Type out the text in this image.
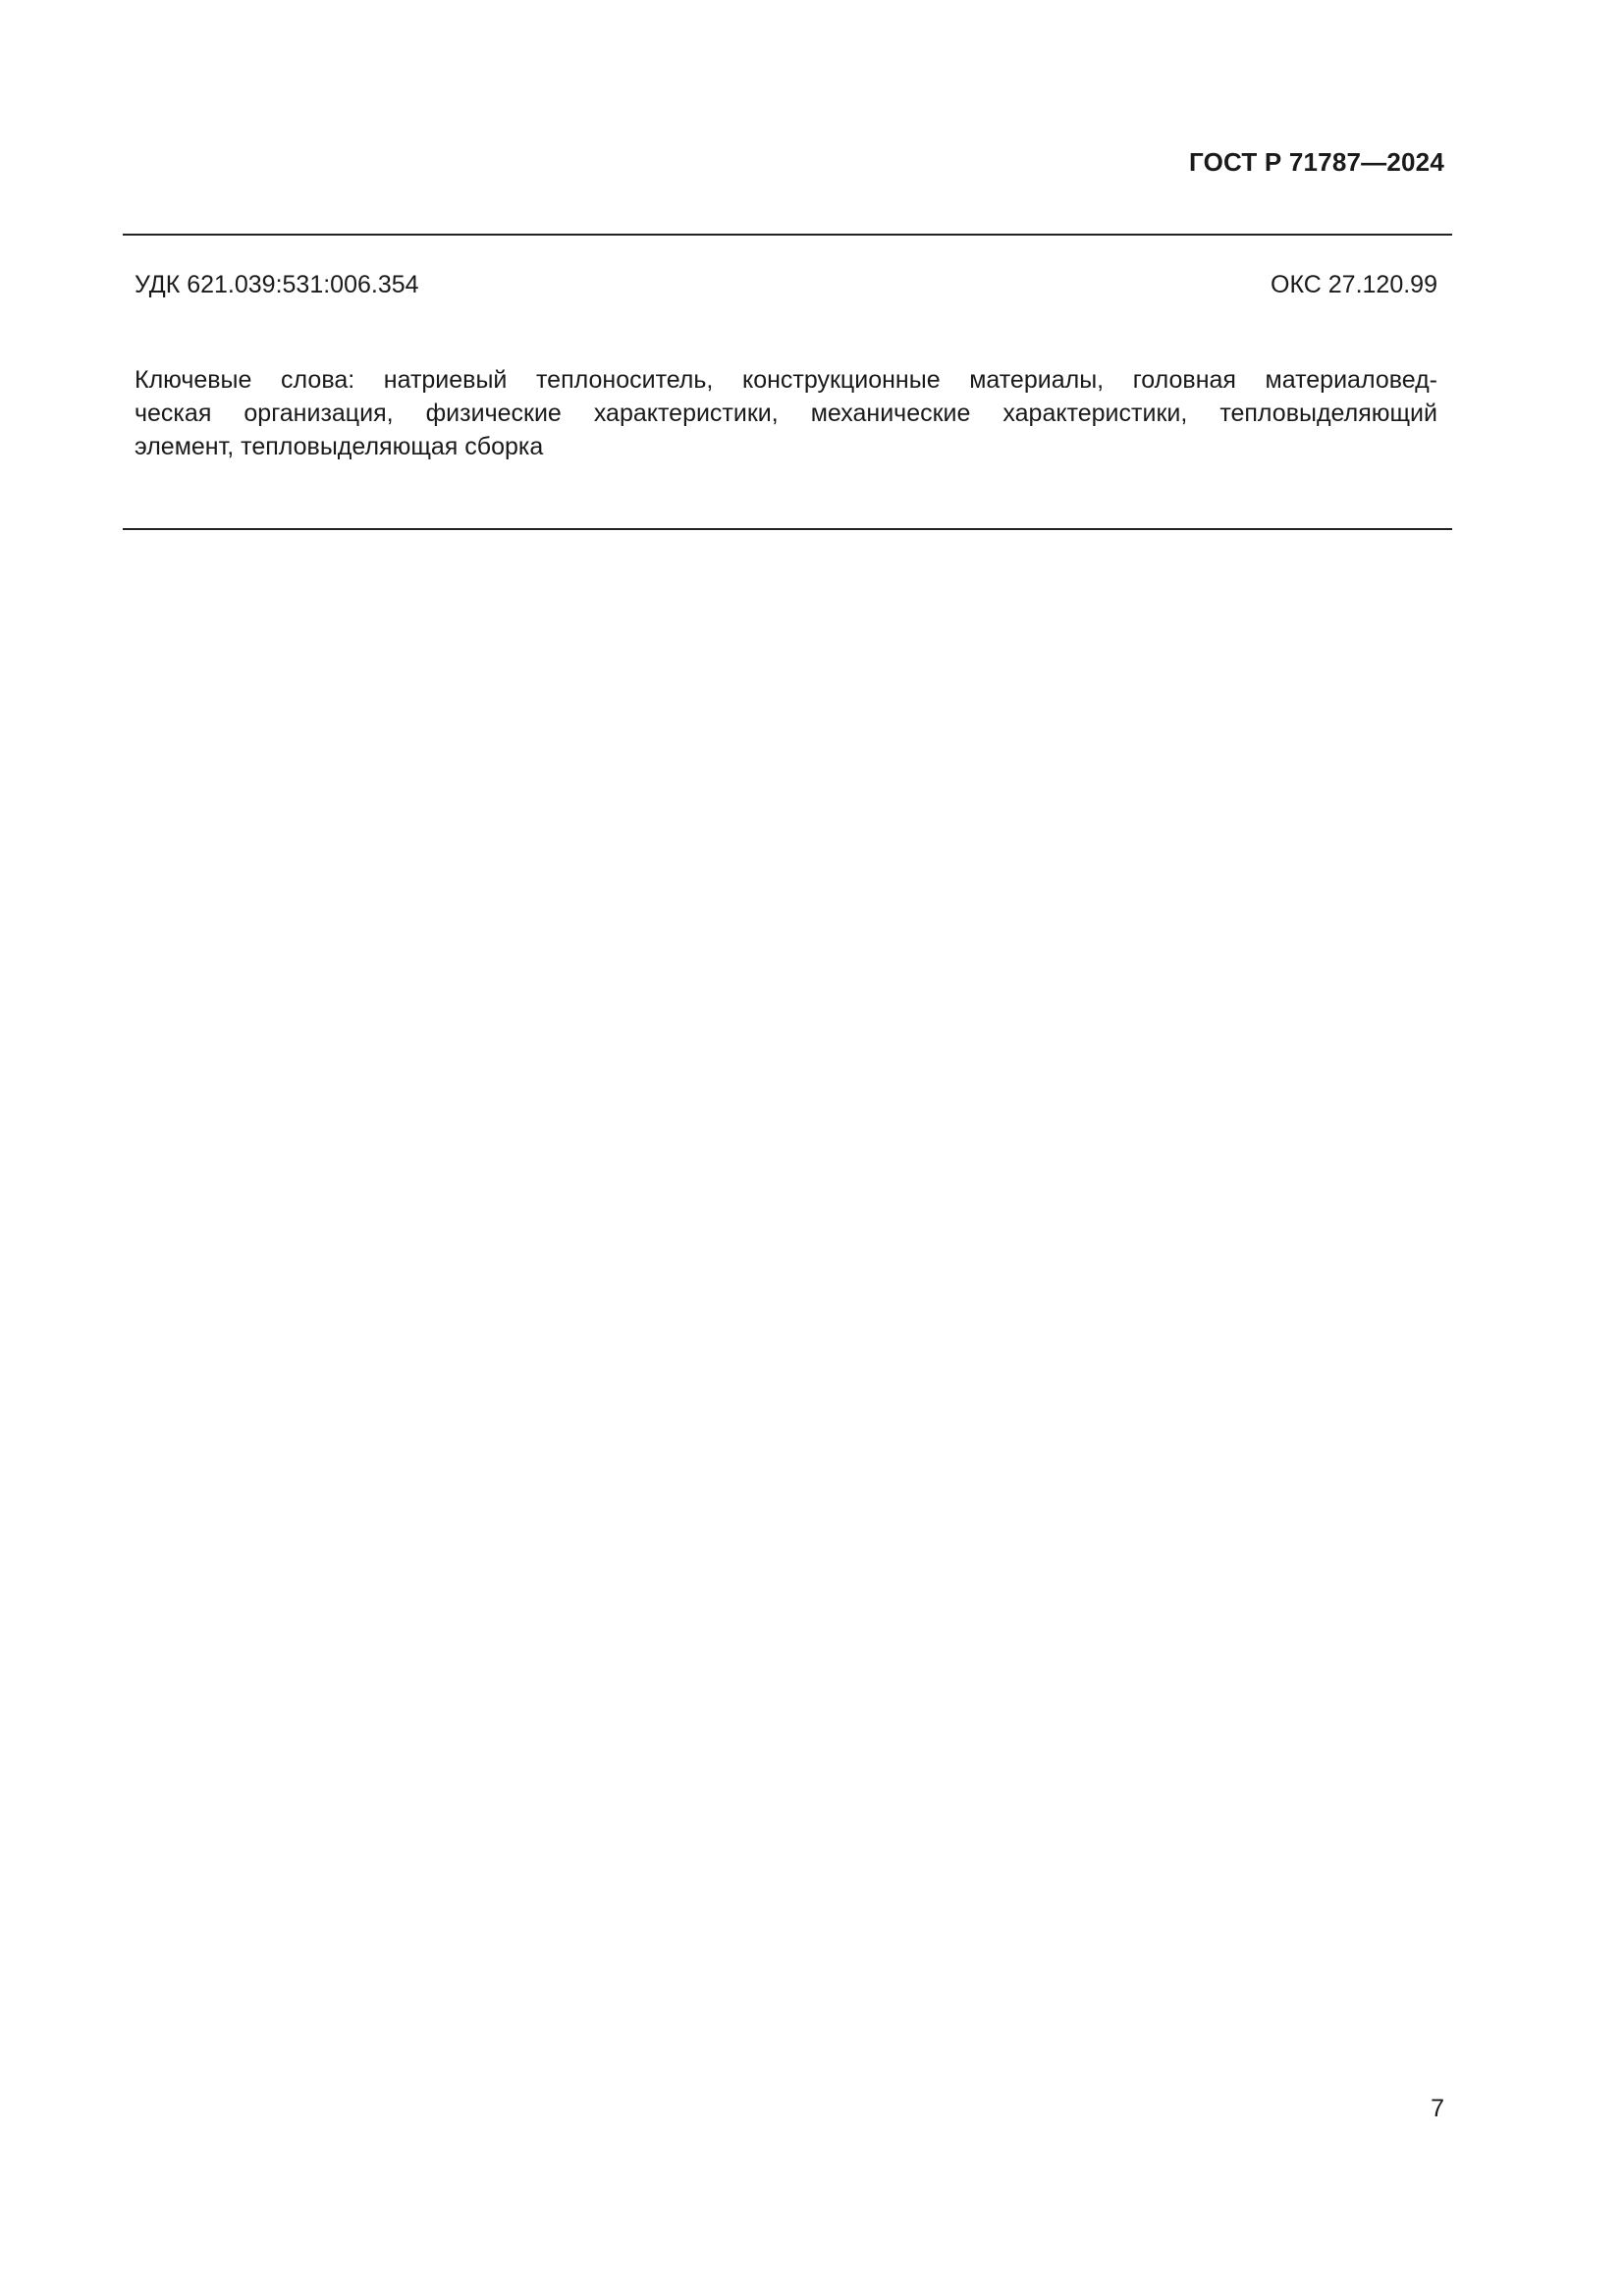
ГОСТ Р 71787—2024
УДК 621.039:531:006.354	ОКС 27.120.99
Ключевые слова: натриевый теплоноситель, конструкционные материалы, головная материаловед-
ческая организация, физические характеристики, механические характеристики, тепловыделяющий
элемент, тепловыделяющая сборка
7
